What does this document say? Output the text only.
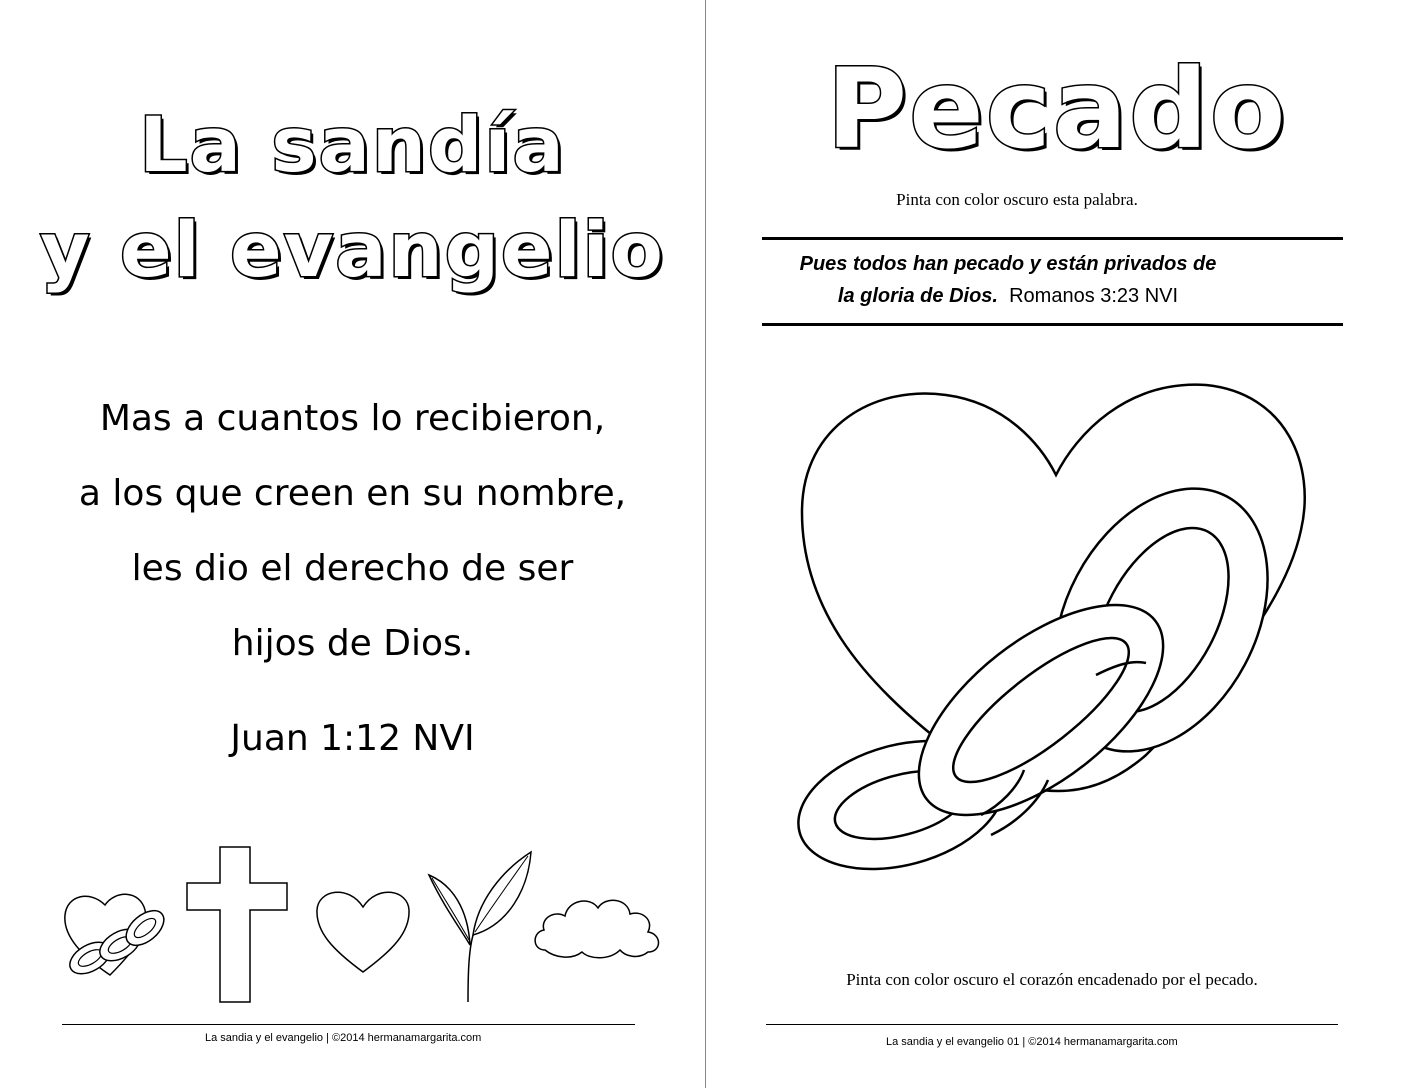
La sandía
y el evangelio
Mas a cuantos lo recibieron,
a los que creen en su nombre,
les dio el derecho de ser
hijos de Dios.
Juan 1:12 NVI
La sandia y el evangelio | ©2014 hermanamargarita.com
Pecado
Pinta con color oscuro esta palabra.
Pues todos han pecado y están privados de
la gloria de Dios. Romanos 3:23 NVI
Pinta con color oscuro el corazón encadenado por el pecado.
La sandia y el evangelio 01 | ©2014 hermanamargarita.com
